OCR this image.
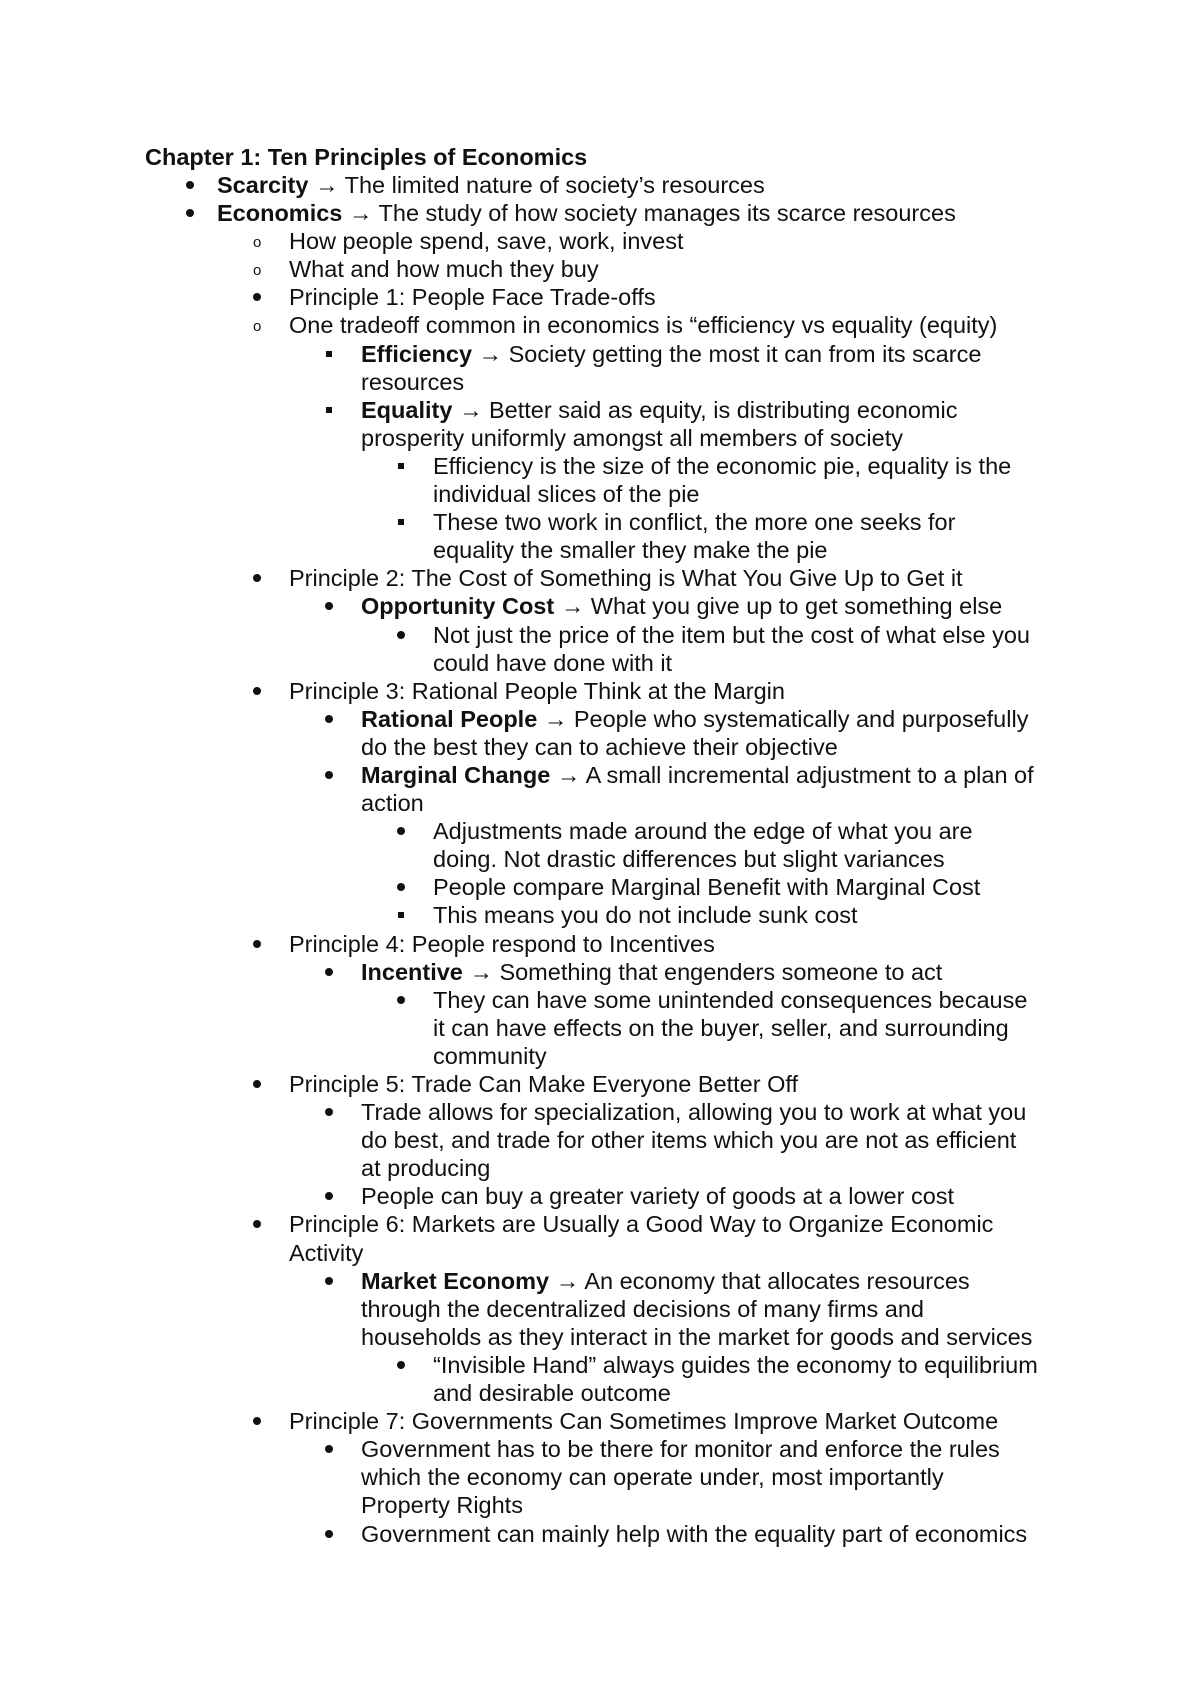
Chapter 1: Ten Principles of Economics
Scarcity → The limited nature of society’s resources
Economics → The study of how society manages its scarce resources
How people spend, save, work, invest
What and how much they buy
Principle 1: People Face Trade-offs
One tradeoff common in economics is “efficiency vs equality (equity)
Efficiency → Society getting the most it can from its scarce
resources
Equality → Better said as equity, is distributing economic
prosperity uniformly amongst all members of society
Efficiency is the size of the economic pie, equality is the
individual slices of the pie
These two work in conflict, the more one seeks for
equality the smaller they make the pie
Principle 2: The Cost of Something is What You Give Up to Get it
Opportunity Cost → What you give up to get something else
Not just the price of the item but the cost of what else you
could have done with it
Principle 3: Rational People Think at the Margin
Rational People → People who systematically and purposefully
do the best they can to achieve their objective
Marginal Change → A small incremental adjustment to a plan of
action
Adjustments made around the edge of what you are
doing. Not drastic differences but slight variances
People compare Marginal Benefit with Marginal Cost
This means you do not include sunk cost
Principle 4: People respond to Incentives
Incentive → Something that engenders someone to act
They can have some unintended consequences because
it can have effects on the buyer, seller, and surrounding
community
Principle 5: Trade Can Make Everyone Better Off
Trade allows for specialization, allowing you to work at what you
do best, and trade for other items which you are not as efficient
at producing
People can buy a greater variety of goods at a lower cost
Principle 6: Markets are Usually a Good Way to Organize Economic
Activity
Market Economy → An economy that allocates resources
through the decentralized decisions of many firms and
households as they interact in the market for goods and services
“Invisible Hand” always guides the economy to equilibrium
and desirable outcome
Principle 7: Governments Can Sometimes Improve Market Outcome
Government has to be there for monitor and enforce the rules
which the economy can operate under, most importantly
Property Rights
Government can mainly help with the equality part of economics
